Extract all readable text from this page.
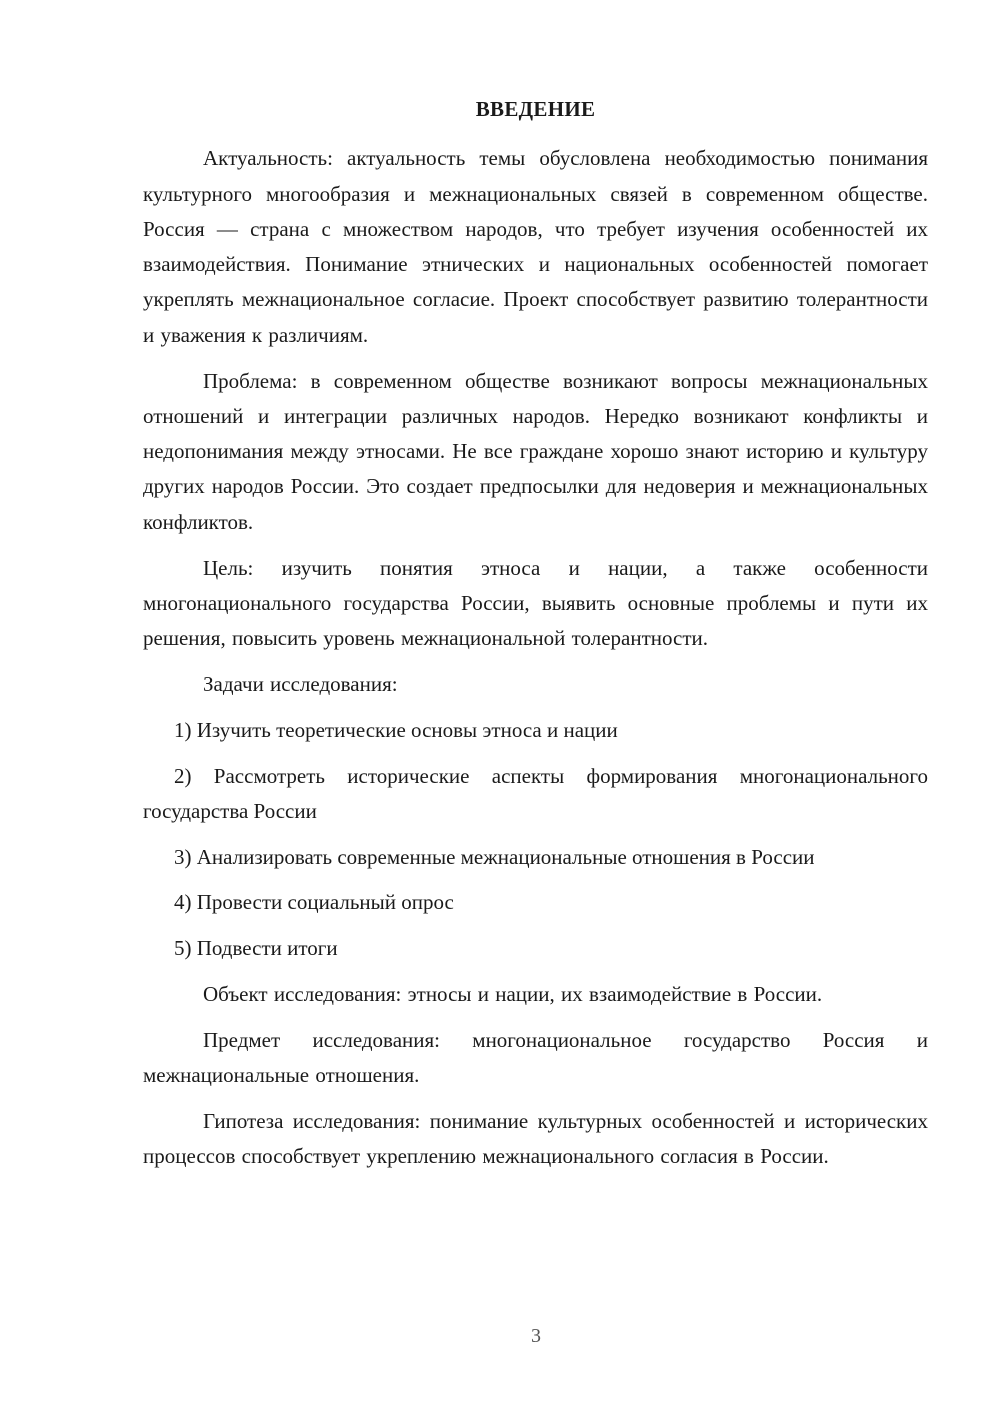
ВВЕДЕНИЕ

Актуальность: актуальность темы обусловлена необходимостью понимания культурного многообразия и межнациональных связей в современном обществе. Россия — страна с множеством народов, что требует изучения особенностей их взаимодействия. Понимание этнических и национальных особенностей помогает укреплять межнациональное согласие. Проект способствует развитию толерантности и уважения к различиям.

Проблема: в современном обществе возникают вопросы межнациональных отношений и интеграции различных народов. Нередко возникают конфликты и недопонимания между этносами. Не все граждане хорошо знают историю и культуру других народов России. Это создает предпосылки для недоверия и межнациональных конфликтов.

Цель: изучить понятия этноса и нации, а также особенности многонационального государства России, выявить основные проблемы и пути их решения, повысить уровень межнациональной толерантности.

Задачи исследования:

1) Изучить теоретические основы этноса и нации

2) Рассмотреть исторические аспекты формирования многонационального государства России

3) Анализировать современные межнациональные отношения в России

4) Провести социальный опрос

5) Подвести итоги

Объект исследования: этносы и нации, их взаимодействие в России.

Предмет исследования: многонациональное государство Россия и межнациональные отношения.

Гипотеза исследования: понимание культурных особенностей и исторических процессов способствует укреплению межнационального согласия в России.

3
